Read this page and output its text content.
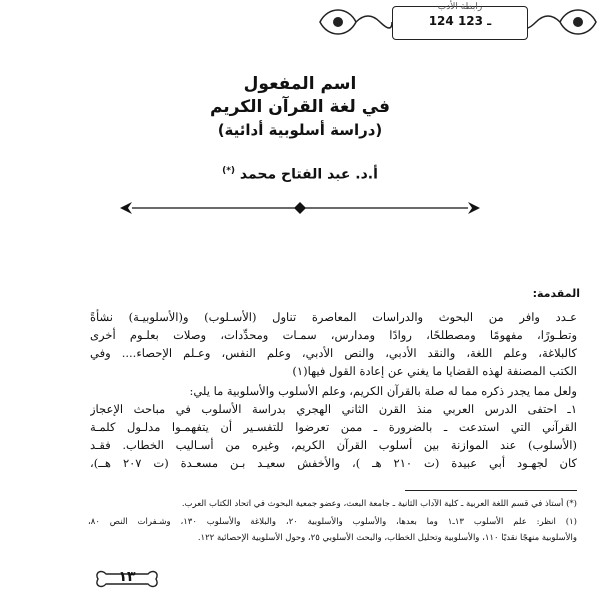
رابطة الأدب
124 ـ 123
اسم المفعول
في لغة القرآن الكريم
(دراسة أسلوبية أدائية)
أ.د. عبد الفتاح محمد (*)
المقدمة:
عـدد وافر من البحوث والدراسات المعاصرة تناول (الأسـلوب) و(الأسلوبيـة) نشأةً
وتطـورًا، مفهومًا ومصطلحًا، روادًا ومدارس، سمـات ومحدِّدات، وصلات بعلـوم أخرى
كالبلاغة، وعلم اللغة، والنقد الأدبي، والنص الأدبي، وعلم النفس، وعـلم الإحصاء.... وفي
الكتب المصنفة لهذه القضايا ما يغني عن إعادة القول فيها(١)
ولعل مما يجدر ذكره مما له صلة بالقرآن الكريم، وعلم الأسلوب والأسلوبية ما يلي:
١ـ احتفى الدرس العربي منذ القرن الثاني الهجري بدراسة الأسلوب في مباحث الإعجاز
القرآني التي استدعت ـ بالضرورة ـ ممن تعرضوا للتفسـير أن يتفهمـوا مدلـول كلمـة
(الأسلوب) عند الموازنة بين أسلوب القرآن الكريم، وغيره من أسـاليب الخطاب. فقـد
كان لجهـود أبي عبيدة (ت ٢١٠ هـ )، والأخفش سعيـد بـن مسعـدة (ت ٢٠٧ هــ)،
(*) أستاذ في قسم اللغة العربية ـ كلية الآداب الثانية ـ جامعة البعث، وعضو جمعية البحوث في اتحاد الكتاب العرب.
(١) انظر: علم الأسلوب ١٣ـ١ وما بعدها، والأسلوب والأسلوبية ٢٠، والبلاغة والأسلوب ١٣٠، وشـفرات النص ٨٠،
والأسلوبية منهجًا نقديًا ١١٠، والأسلوبية وتحليل الخطاب، والبحث الأسلوبي ٢٥، وحول الأسلوبية الإحصائية ١٢٢.
١٣
